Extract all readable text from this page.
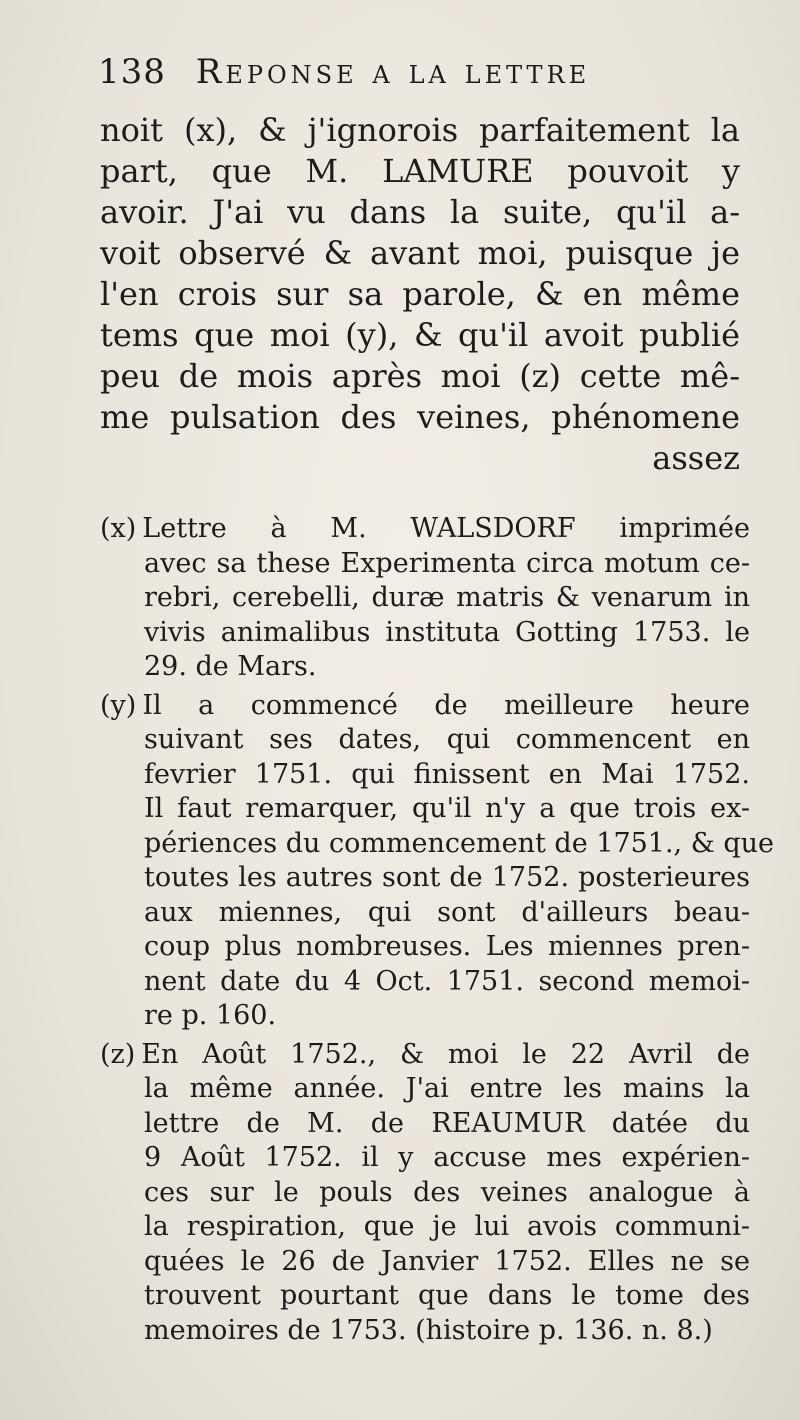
138 Reponse a la lettre
noit (x), & j'ignorois parfaitement la
part, que M. LAMURE pouvoit y
avoir. J'ai vu dans la suite, qu'il a-
voit observé & avant moi, puisque je
l'en crois sur sa parole, & en même
tems que moi (y), & qu'il avoit publié
peu de mois après moi (z) cette mê-
me pulsation des veines, phénomene
assez
(x) Lettre à M. WALSDORF imprimée
avec sa these Experimenta circa motum ce-
rebri, cerebelli, duræ matris & venarum in
vivis animalibus instituta Gotting 1753. le
29. de Mars.
(y) Il a commencé de meilleure heure
suivant ses dates, qui commencent en
fevrier 1751. qui finissent en Mai 1752.
Il faut remarquer, qu'il n'y a que trois ex-
périences du commencement de 1751., & que
toutes les autres sont de 1752. posterieures
aux miennes, qui sont d'ailleurs beau-
coup plus nombreuses. Les miennes pren-
nent date du 4 Oct. 1751. second memoi-
re p. 160.
(z) En Août 1752., & moi le 22 Avril de
la même année. J'ai entre les mains la
lettre de M. de REAUMUR datée du
9 Août 1752. il y accuse mes expérien-
ces sur le pouls des veines analogue à
la respiration, que je lui avois communi-
quées le 26 de Janvier 1752. Elles ne se
trouvent pourtant que dans le tome des
memoires de 1753. (histoire p. 136. n. 8.)
